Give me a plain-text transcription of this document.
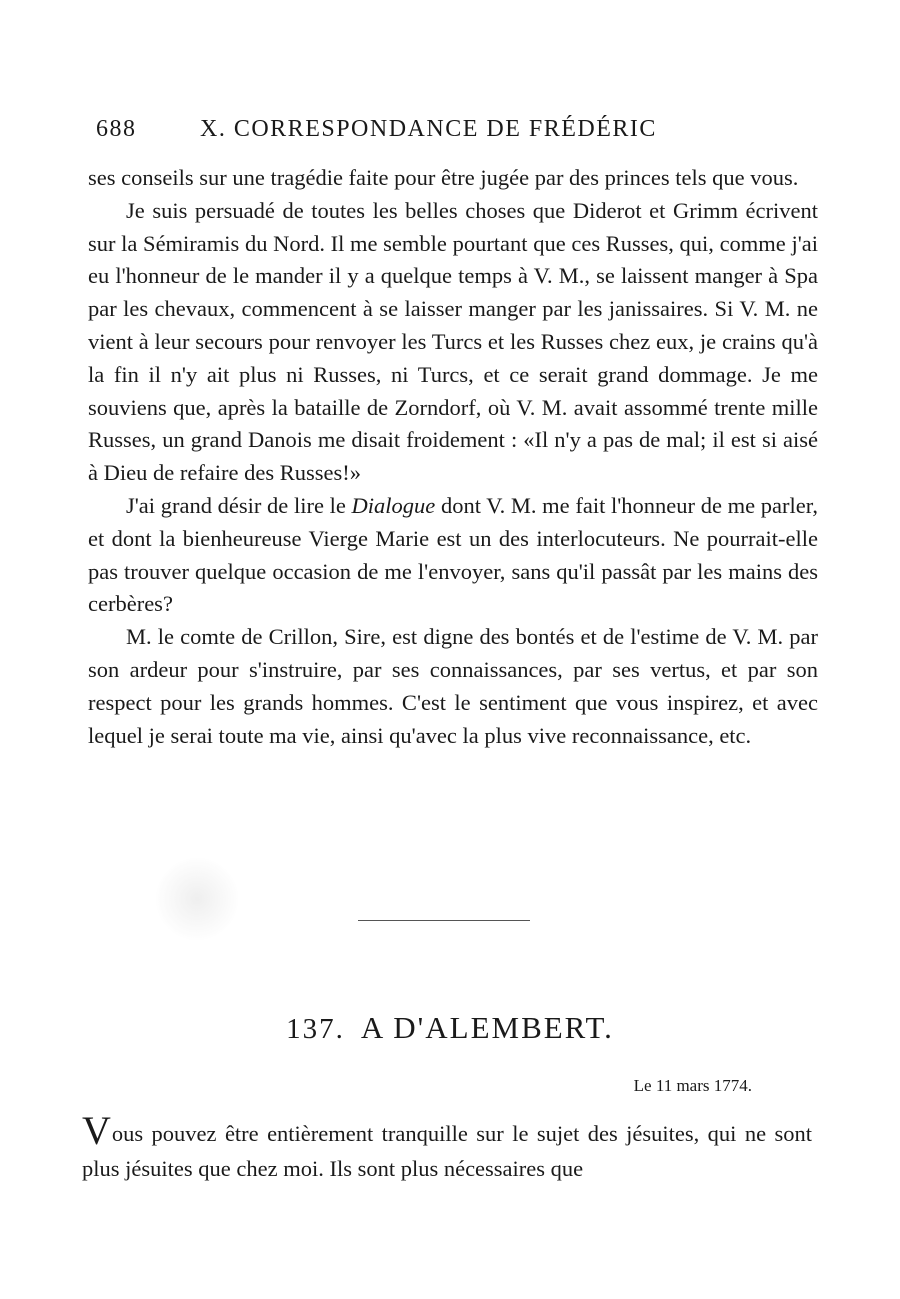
688	X. CORRESPONDANCE DE FRÉDÉRIC

ses conseils sur une tragédie faite pour être jugée par des princes tels que vous.

Je suis persuadé de toutes les belles choses que Diderot et Grimm écrivent sur la Sémiramis du Nord. Il me semble pourtant que ces Russes, qui, comme j'ai eu l'honneur de le mander il y a quelque temps à V. M., se laissent manger à Spa par les chevaux, commencent à se laisser manger par les janissaires. Si V. M. ne vient à leur secours pour renvoyer les Turcs et les Russes chez eux, je crains qu'à la fin il n'y ait plus ni Russes, ni Turcs, et ce serait grand dommage. Je me souviens que, après la bataille de Zorndorf, où V. M. avait assommé trente mille Russes, un grand Danois me disait froidement : «Il n'y a pas de mal; il est si aisé à Dieu de refaire des Russes!»

J'ai grand désir de lire le Dialogue dont V. M. me fait l'honneur de me parler, et dont la bienheureuse Vierge Marie est un des interlocuteurs. Ne pourrait-elle pas trouver quelque occasion de me l'envoyer, sans qu'il passât par les mains des cerbères?

M. le comte de Crillon, Sire, est digne des bontés et de l'estime de V. M. par son ardeur pour s'instruire, par ses connaissances, par ses vertus, et par son respect pour les grands hommes. C'est le sentiment que vous inspirez, et avec lequel je serai toute ma vie, ainsi qu'avec la plus vive reconnaissance, etc.

137. A D'ALEMBERT.
Le 11 mars 1774.
Vous pouvez être entièrement tranquille sur le sujet des jésuites, qui ne sont plus jésuites que chez moi. Ils sont plus nécessaires que
